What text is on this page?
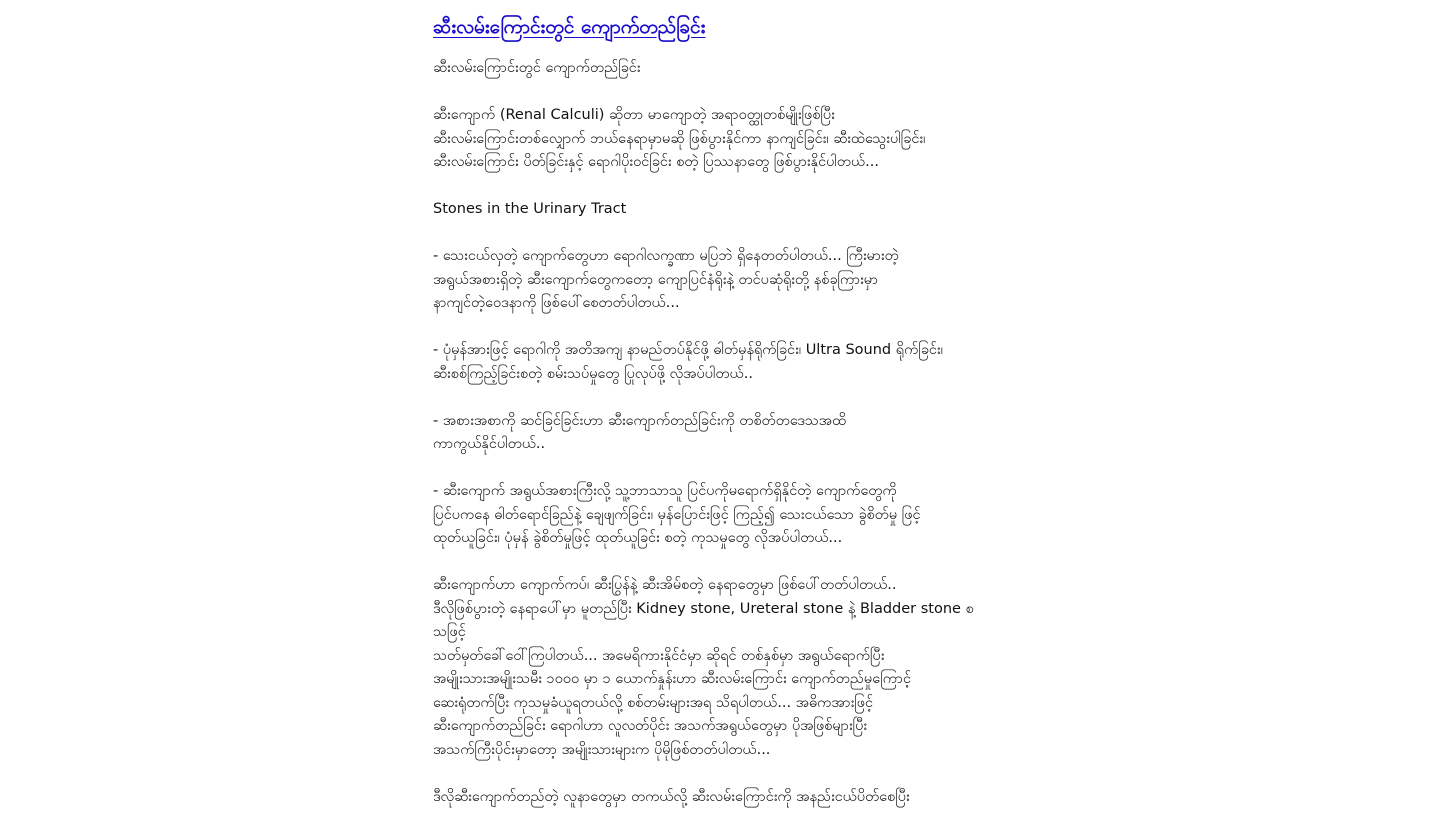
ဆီးလမ်းကြောင်းတွင် ကျောက်တည်ခြင်း
ဆီးလမ်းကြောင်းတွင် ကျောက်တည်ခြင်း
ဆီးကျောက် (Renal Calculi) ဆိုတာ မာကျောတဲ့ အရာဝတ္ထုတစ်မျိုးဖြစ်ပြီး
ဆီးလမ်းကြောင်းတစ်လျှောက် ဘယ်နေရာမှာမဆို ဖြစ်ပွားနိုင်ကာ နာကျင်ခြင်း၊ ဆီးထဲသွေးပါခြင်း၊
ဆီးလမ်းကြောင်း ပိတ်ခြင်းနှင့် ရောဂါပိုးဝင်ခြင်း စတဲ့ ပြဿနာတွေ ဖြစ်ပွားနိုင်ပါတယ်...
Stones in the Urinary Tract
- သေးငယ်လှတဲ့ ကျောက်တွေဟာ ရောဂါလက္ခဏာ မပြဘဲ ရှိနေတတ်ပါတယ်... ကြီးမားတဲ့
အရွယ်အစားရှိတဲ့ ဆီးကျောက်တွေကတော့ ကျောပြင်နံရိုးနဲ့ တင်ပဆုံရိုးတို့ နစ်ခုကြားမှာ
နာကျင်တဲ့ဝေဒနာကို ဖြစ်ပေါ်စေတတ်ပါတယ်...
- ပုံမှန်အားဖြင့် ရောဂါကို အတိအကျ နာမည်တပ်နိုင်ဖို့ ဓါတ်မှန်ရိုက်ခြင်း၊ Ultra Sound ရိုက်ခြင်း၊
ဆီးစစ်ကြည့်ခြင်းစတဲ့ စမ်းသပ်မှုတွေ ပြုလုပ်ဖို့ လိုအပ်ပါတယ်..
- အစားအစာကို ဆင်ခြင်ခြင်းဟာ ဆီးကျောက်တည်ခြင်းကို တစိတ်တဒေသအထိ
ကာကွယ်နိုင်ပါတယ်..
- ဆီးကျောက် အရွယ်အစားကြီးလို့ သူ့ဘာသာသူ ပြင်ပကိုမရောက်ရှိနိုင်တဲ့ ကျောက်တွေကို
ပြင်ပကနေ ဓါတ်ရောင်ခြည်နဲ့ ချေဖျက်ခြင်း၊ မှန်ပြောင်းဖြင့် ကြည့်၍ သေးငယ်သော ခွဲစိတ်မှု ဖြင့်
ထုတ်ယူခြင်း၊ ပုံမှန် ခွဲစိတ်မှုဖြင့် ထုတ်ယူခြင်း စတဲ့ ကုသမှုတွေ လိုအပ်ပါတယ်...
ဆီးကျောက်ဟာ ကျောက်ကပ်၊ ဆီးပြွန်နဲ့ ဆီးအိမ်စတဲ့ နေရာတွေမှာ ဖြစ်ပေါ်တတ်ပါတယ်..
ဒီလိုဖြစ်ပွားတဲ့ နေရာပေါ်မှာ မူတည်ပြီး Kidney stone, Ureteral stone နဲ့ Bladder stone စသဖြင့်
သတ်မှတ်ခေါ်ဝေါ်ကြပါတယ်... အမေရိကားနိုင်ငံမှာ ဆိုရင် တစ်နှစ်မှာ အရွယ်ရောက်ပြီး
အမျိုးသားအမျိုးသမီး ၁၀၀၀ မှာ ၁ ယောက်နှုန်းဟာ ဆီးလမ်းကြောင်း ကျောက်တည်မှုကြောင့်
ဆေးရုံတက်ပြီး ကုသမှုခံယူရတယ်လို့ စစ်တမ်းများအရ သိရပါတယ်... အဓိကအားဖြင့်
ဆီးကျောက်တည်ခြင်း ရောဂါဟာ လူလတ်ပိုင်း အသက်အရွယ်တွေမှာ ပိုအဖြစ်များပြီး
အသက်ကြီးပိုင်းမှာတော့ အမျိုးသားများက ပိုမိုဖြစ်တတ်ပါတယ်...
ဒီလိုဆီးကျောက်တည်တဲ့ လူနာတွေမှာ တကယ်လို့ ဆီးလမ်းကြောင်းကို အနည်းငယ်ပိတ်စေပြီး
